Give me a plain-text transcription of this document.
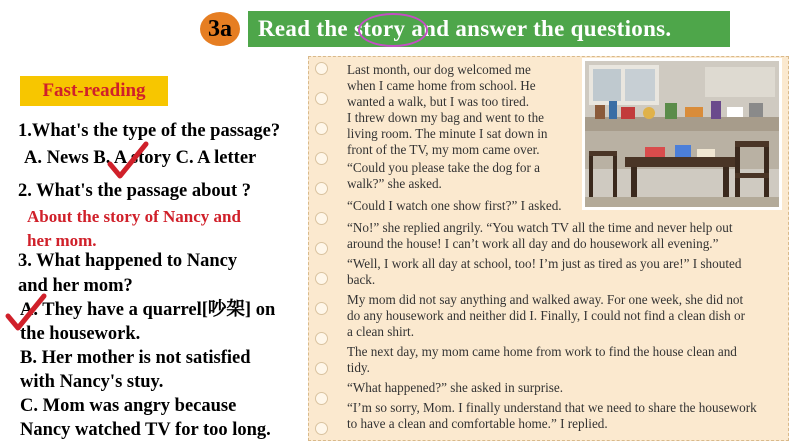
3a	Read the story and answer the questions.
Fast-reading
1.What's the type of the passage?
A. News B. A story C. A letter
2. What's the passage about ?
About the story of Nancy and
her mom.
3. What happened to Nancy
and her mom?
A. They have a quarrel[吵架] on
the housework.
B. Her mother is not satisfied
with Nancy's stuy.
C. Mom was angry because
Nancy watched TV for too long.
Last month, our dog welcomed me
when I came home from school. He
wanted a walk, but I was too tired.
I threw down my bag and went to the
living room. The minute I sat down in
front of the TV, my mom came over.
“Could you please take the dog for a
walk?” she asked.
“Could I watch one show first?” I asked.
“No!” she replied angrily. “You watch TV all the time and never help out
around the house! I can’t work all day and do housework all evening.”
“Well, I work all day at school, too! I’m just as tired as you are!” I shouted
back.
My mom did not say anything and walked away. For one week, she did not
do any housework and neither did I. Finally, I could not find a clean dish or
a clean shirt.
The next day, my mom came home from work to find the house clean and
tidy.
“What happened?” she asked in surprise.
“I’m so sorry, Mom. I finally understand that we need to share the housework
to have a clean and comfortable home.” I replied.
